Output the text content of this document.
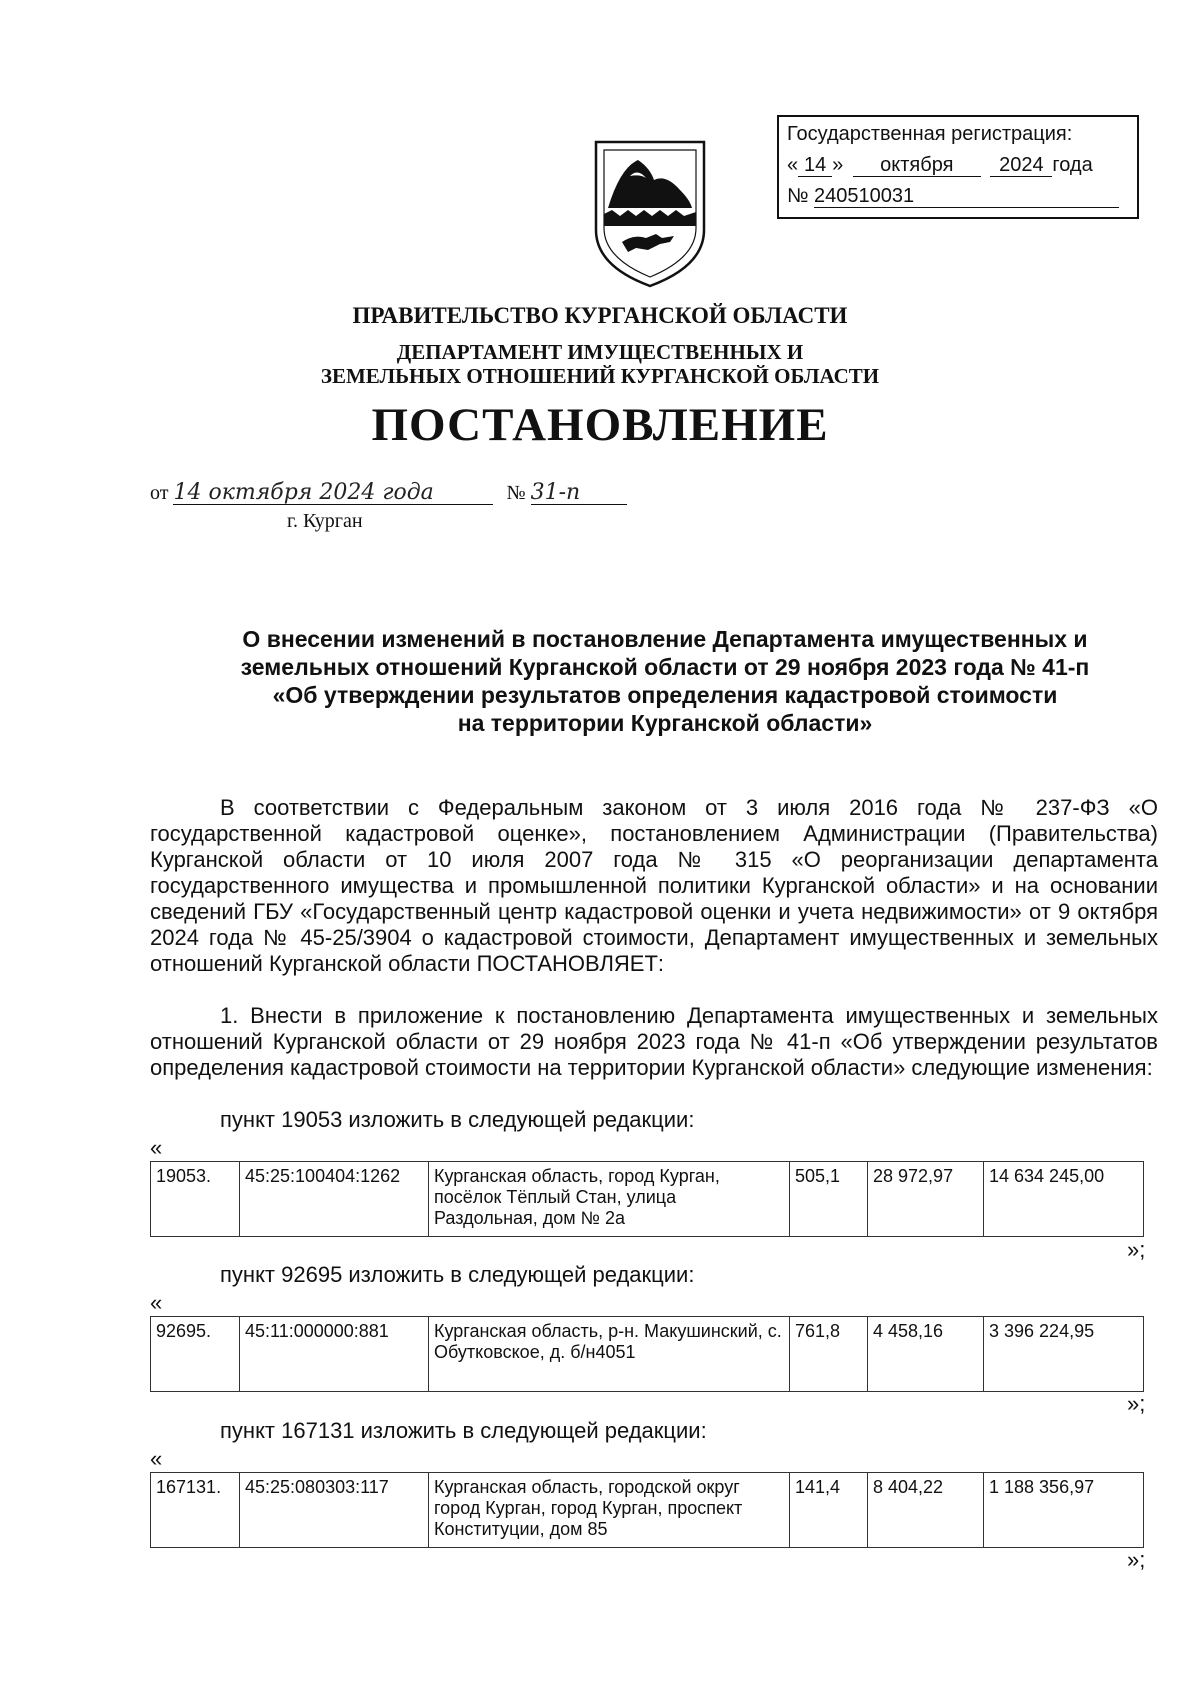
Государственная регистрация:
« 14 » октября 2024 года
№ 240510031
ПРАВИТЕЛЬСТВО КУРГАНСКОЙ ОБЛАСТИ
ДЕПАРТАМЕНТ ИМУЩЕСТВЕННЫХ И
ЗЕМЕЛЬНЫХ ОТНОШЕНИЙ КУРГАНСКОЙ ОБЛАСТИ
ПОСТАНОВЛЕНИЕ
от 14 октября 2024 года	№ 31-п
г. Курган
О внесении изменений в постановление Департамента имущественных и
земельных отношений Курганской области от 29 ноября 2023 года № 41-п
«Об утверждении результатов определения кадастровой стоимости
на территории Курганской области»
В соответствии с Федеральным законом от 3 июля 2016 года № 237-ФЗ «О государственной кадастровой оценке», постановлением Администрации (Правительства) Курганской области от 10 июля 2007 года № 315 «О реорганизации департамента государственного имущества и промышленной политики Курганской области» и на основании сведений ГБУ «Государственный центр кадастровой оценки и учета недвижимости» от 9 октября 2024 года № 45-25/3904 о кадастровой стоимости, Департамент имущественных и земельных отношений Курганской области ПОСТАНОВЛЯЕТ:
1. Внести в приложение к постановлению Департамента имущественных и земельных отношений Курганской области от 29 ноября 2023 года № 41-п «Об утверждении результатов определения кадастровой стоимости на территории Курганской области» следующие изменения:
пункт 19053 изложить в следующей редакции:
«
19053.	45:25:100404:1262	Курганская область, город Курган, посёлок Тёплый Стан, улица Раздольная, дом № 2а	505,1	28 972,97	14 634 245,00
»;
пункт 92695 изложить в следующей редакции:
«
92695.	45:11:000000:881	Курганская область, р-н. Макушинский, с. Обутковское, д. б/н4051	761,8	4 458,16	3 396 224,95
»;
пункт 167131 изложить в следующей редакции:
«
167131.	45:25:080303:117	Курганская область, городской округ город Курган, город Курган, проспект Конституции, дом 85	141,4	8 404,22	1 188 356,97
»;
